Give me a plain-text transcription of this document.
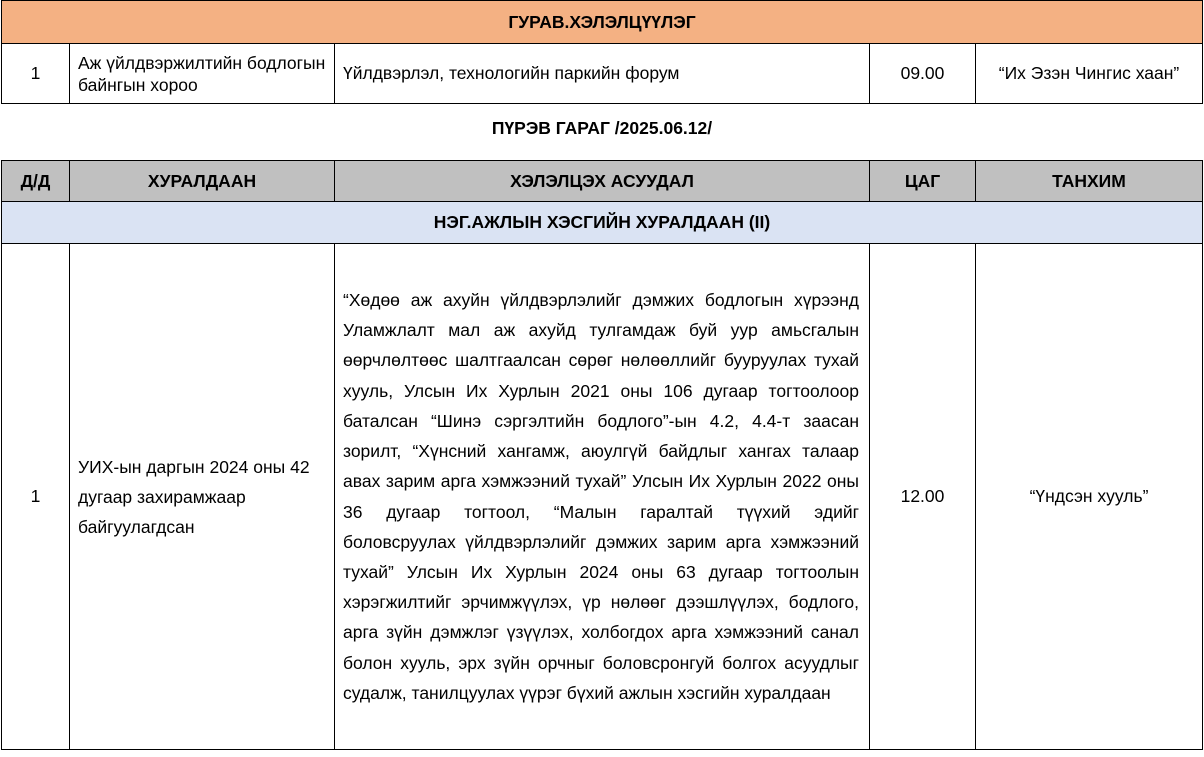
ГУРАВ.ХЭЛЭЛЦҮҮЛЭГ
1	Аж үйлдвэржилтийн бодлогын байнгын хороо	Үйлдвэрлэл, технологийн паркийн форум	09.00	“Их Эзэн Чингис хаан”
ПҮРЭВ ГАРАГ /2025.06.12/
Д/Д	ХУРАЛДААН	ХЭЛЭЛЦЭХ АСУУДАЛ	ЦАГ	ТАНХИМ
НЭГ.АЖЛЫН ХЭСГИЙН ХУРАЛДААН (II)				
1	УИХ-ын даргын 2024 оны 42 дугаар захирамжаар байгуулагдсан	“Хөдөө аж ахуйн үйлдвэрлэлийг дэмжих бодлогын хүрээнд Уламжлалт мал аж ахуйд тулгамдаж буй уур амьсгалын өөрчлөлтөөс шалтгаалсан сөрөг нөлөөллийг бууруулах тухай хууль, Улсын Их Хурлын 2021 оны 106 дугаар тогтоолоор баталсан “Шинэ сэргэлтийн бодлого”-ын 4.2, 4.4-т заасан зорилт, “Хүнсний хангамж, аюулгүй байдлыг хангах талаар авах зарим арга хэмжээний тухай” Улсын Их Хурлын 2022 оны 36 дугаар тогтоол, “Малын гаралтай түүхий эдийг боловсруулах үйлдвэрлэлийг дэмжих зарим арга хэмжээний тухай” Улсын Их Хурлын 2024 оны 63 дугаар тогтоолын хэрэгжилтийг эрчимжүүлэх, үр нөлөөг дээшлүүлэх, бодлого, арга зүйн дэмжлэг үзүүлэх, холбогдох арга хэмжээний санал болон хууль, эрх зүйн орчныг боловсронгуй болгох асуудлыг судалж, танилцуулах үүрэг бүхий ажлын хэсгийн хуралдаан	12.00	“Үндсэн хууль”
